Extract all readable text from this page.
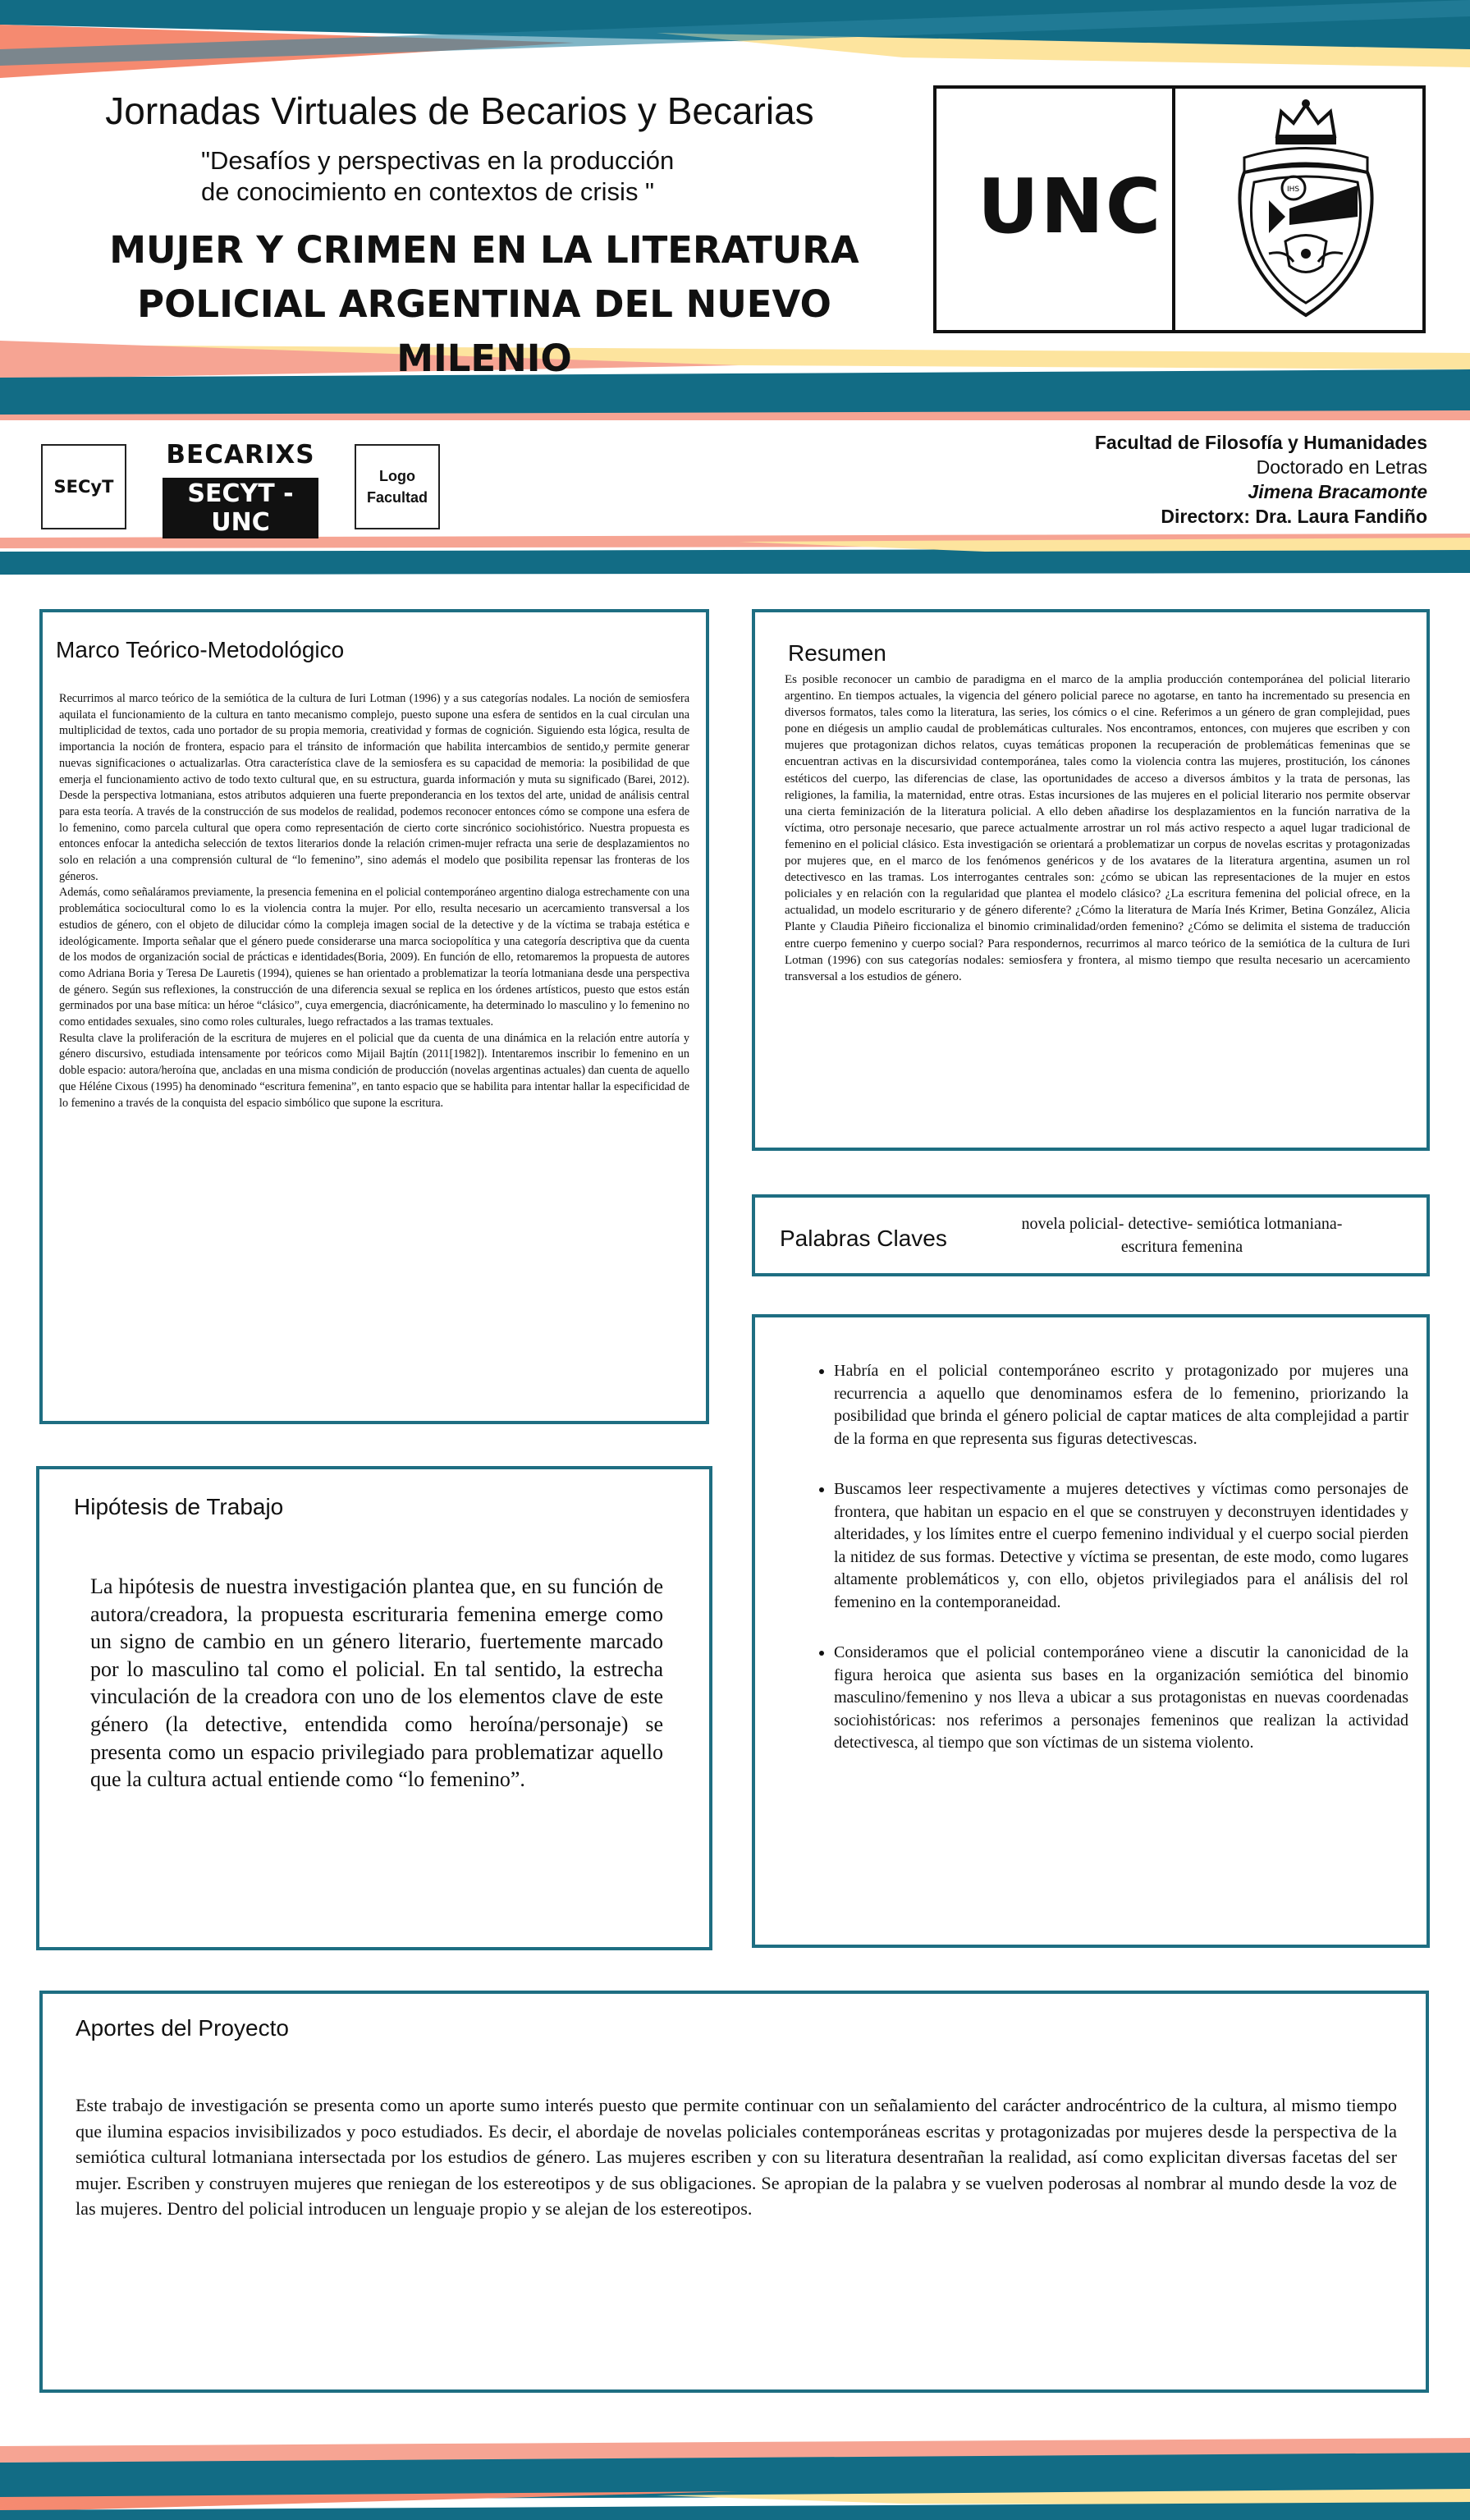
Jornadas Virtuales de Becarios y Becarias
"Desafíos y perspectivas en la producción
de conocimiento en contextos de crisis "
MUJER Y CRIMEN EN LA LITERATURA
POLICIAL ARGENTINA DEL NUEVO
MILENIO
UNC	IHS
SECyT
BECARIXS
SECYT -UNC
Logo
Facultad
Facultad de Filosofía y Humanidades
Doctorado en Letras
Jimena Bracamonte
Directorx: Dra. Laura Fandiño
Marco Teórico-Metodológico
Recurrimos al marco teórico de la semiótica de la cultura de Iuri Lotman (1996) y a sus categorías nodales. La noción de semiosfera aquilata el funcionamiento de la cultura en tanto mecanismo complejo, puesto supone una esfera de sentidos en la cual circulan una multiplicidad de textos, cada uno portador de su propia memoria, creatividad y formas de cognición. Siguiendo esta lógica, resulta de importancia la noción de frontera, espacio para el tránsito de información que habilita intercambios de sentido,y permite generar nuevas significaciones o actualizarlas. Otra característica clave de la semiosfera es su capacidad de memoria: la posibilidad de que emerja el funcionamiento activo de todo texto cultural que, en su estructura, guarda información y muta su significado (Barei, 2012). Desde la perspectiva lotmaniana, estos atributos adquieren una fuerte preponderancia en los textos del arte, unidad de análisis central para esta teoría. A través de la construcción de sus modelos de realidad, podemos reconocer entonces cómo se compone una esfera de lo femenino, como parcela cultural que opera como representación de cierto corte sincrónico sociohistórico. Nuestra propuesta es entonces enfocar la antedicha selección de textos literarios donde la relación crimen-mujer refracta una serie de desplazamientos no solo en relación a una comprensión cultural de “lo femenino”, sino además el modelo que posibilita repensar las fronteras de los géneros.
Además, como señaláramos previamente, la presencia femenina en el policial contemporáneo argentino dialoga estrechamente con una problemática sociocultural como lo es la violencia contra la mujer. Por ello, resulta necesario un acercamiento transversal a los estudios de género, con el objeto de dilucidar cómo la compleja imagen social de la detective y de la víctima se trabaja estética e ideológicamente. Importa señalar que el género puede considerarse una marca sociopolítica y una categoría descriptiva que da cuenta de los modos de organización social de prácticas e identidades(Boria, 2009). En función de ello, retomaremos la propuesta de autores como Adriana Boria y Teresa De Lauretis (1994), quienes se han orientado a problematizar la teoría lotmaniana desde una perspectiva de género. Según sus reflexiones, la construcción de una diferencia sexual se replica en los órdenes artísticos, puesto que estos están germinados por una base mítica: un héroe “clásico”, cuya emergencia, diacrónicamente, ha determinado lo masculino y lo femenino no como entidades sexuales, sino como roles culturales, luego refractados a las tramas textuales.
Resulta clave la proliferación de la escritura de mujeres en el policial que da cuenta de una dinámica en la relación entre autoría y género discursivo, estudiada intensamente por teóricos como Mijail Bajtín (2011[1982]). Intentaremos inscribir lo femenino en un doble espacio: autora/heroína que, ancladas en una misma condición de producción (novelas argentinas actuales) dan cuenta de aquello que Héléne Cixous (1995) ha denominado “escritura femenina”, en tanto espacio que se habilita para intentar hallar la especificidad de lo femenino a través de la conquista del espacio simbólico que supone la escritura.
Resumen
Es posible reconocer un cambio de paradigma en el marco de la amplia producción contemporánea del policial literario argentino. En tiempos actuales, la vigencia del género policial parece no agotarse, en tanto ha incrementado su presencia en diversos formatos, tales como la literatura, las series, los cómics o el cine. Referimos a un género de gran complejidad, pues pone en diégesis un amplio caudal de problemáticas culturales. Nos encontramos, entonces, con mujeres que escriben y con mujeres que protagonizan dichos relatos, cuyas temáticas proponen la recuperación de problemáticas femeninas que se encuentran activas en la discursividad contemporánea, tales como la violencia contra las mujeres, prostitución, los cánones estéticos del cuerpo, las diferencias de clase, las oportunidades de acceso a diversos ámbitos y la trata de personas, las religiones, la familia, la maternidad, entre otras. Estas incursiones de las mujeres en el policial literario nos permite observar una cierta feminización de la literatura policial. A ello deben añadirse los desplazamientos en la función narrativa de la víctima, otro personaje necesario, que parece actualmente arrostrar un rol más activo respecto a aquel lugar tradicional de femenino en el policial clásico. Esta investigación se orientará a problematizar un corpus de novelas escritas y protagonizadas por mujeres que, en el marco de los fenómenos genéricos y de los avatares de la literatura argentina, asumen un rol detectivesco en las tramas. Los interrogantes centrales son: ¿cómo se ubican las representaciones de la mujer en estos policiales y en relación con la regularidad que plantea el modelo clásico? ¿La escritura femenina del policial ofrece, en la actualidad, un modelo escriturario y de género diferente? ¿Cómo la literatura de María Inés Krimer, Betina González, Alicia Plante y Claudia Piñeiro ficcionaliza el binomio criminalidad/orden femenino? ¿Cómo se delimita el sistema de traducción entre cuerpo femenino y cuerpo social? Para respondernos, recurrimos al marco teórico de la semiótica de la cultura de Iuri Lotman (1996) con sus categorías nodales: semiosfera y frontera, al mismo tiempo que resulta necesario un acercamiento transversal a los estudios de género.
Palabras Claves
novela policial- detective- semiótica lotmaniana-
escritura femenina
• Habría en el policial contemporáneo escrito y protagonizado por mujeres una recurrencia a aquello que denominamos esfera de lo femenino, priorizando la posibilidad que brinda el género policial de captar matices de alta complejidad a partir de la forma en que representa sus figuras detectivescas.
• Buscamos leer respectivamente a mujeres detectives y víctimas como personajes de frontera, que habitan un espacio en el que se construyen y deconstruyen identidades y alteridades, y los límites entre el cuerpo femenino individual y el cuerpo social pierden la nitidez de sus formas. Detective y víctima se presentan, de este modo, como lugares altamente problemáticos y, con ello, objetos privilegiados para el análisis del rol femenino en la contemporaneidad.
• Consideramos que el policial contemporáneo viene a discutir la canonicidad de la figura heroica que asienta sus bases en la organización semiótica del binomio masculino/femenino y nos lleva a ubicar a sus protagonistas en nuevas coordenadas sociohistóricas: nos referimos a personajes femeninos que realizan la actividad detectivesca, al tiempo que son víctimas de un sistema violento.
Hipótesis de Trabajo
La hipótesis de nuestra investigación plantea que, en su función de autora/creadora, la propuesta escrituraria femenina emerge como un signo de cambio en un género literario, fuertemente marcado por lo masculino tal como el policial. En tal sentido, la estrecha vinculación de la creadora con uno de los elementos clave de este género (la detective, entendida como heroína/personaje) se presenta como un espacio privilegiado para problematizar aquello que la cultura actual entiende como “lo femenino”.
Aportes del Proyecto
Este trabajo de investigación se presenta como un aporte sumo interés puesto que permite continuar con un señalamiento del carácter androcéntrico de la cultura, al mismo tiempo que ilumina espacios invisibilizados y poco estudiados. Es decir, el abordaje de novelas policiales contemporáneas escritas y protagonizadas por mujeres desde la perspectiva de la semiótica cultural lotmaniana intersectada por los estudios de género. Las mujeres escriben y con su literatura desentrañan la realidad, así como explicitan diversas facetas del ser mujer. Escriben y construyen mujeres que reniegan de los estereotipos y de sus obligaciones. Se apropian de la palabra y se vuelven poderosas al nombrar al mundo desde la voz de las mujeres. Dentro del policial introducen un lenguaje propio y se alejan de los estereotipos.
